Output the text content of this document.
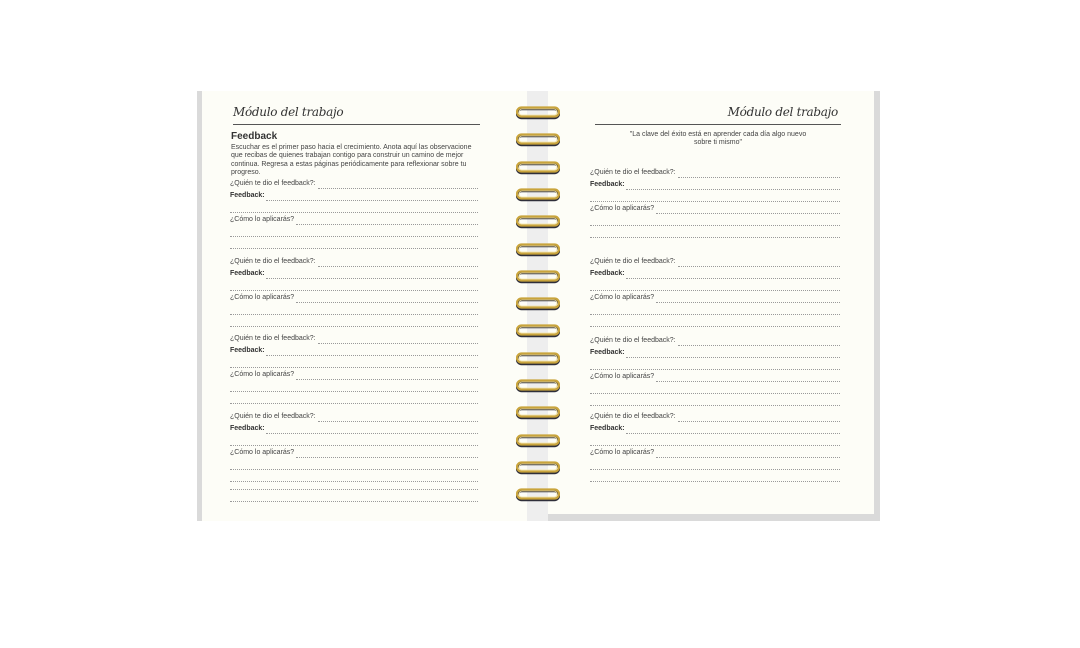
Módulo del trabajo
Feedback
Escuchar es el primer paso hacia el crecimiento. Anota aquí las observacione
que recibas de quienes trabajan contigo para construir un camino de mejor
continua. Regresa a estas páginas periódicamente para reflexionar sobre tu
progreso.
¿Quién te dio el feedback?:
Feedback:
¿Cómo lo aplicarás?
¿Quién te dio el feedback?:
Feedback:
¿Cómo lo aplicarás?
¿Quién te dio el feedback?:
Feedback:
¿Cómo lo aplicarás?
¿Quién te dio el feedback?:
Feedback:
¿Cómo lo aplicarás?
Módulo del trabajo
"La clave del éxito está en aprender cada día algo nuevo
sobre ti mismo"
¿Quién te dio el feedback?:
Feedback:
¿Cómo lo aplicarás?
¿Quién te dio el feedback?:
Feedback:
¿Cómo lo aplicarás?
¿Quién te dio el feedback?:
Feedback:
¿Cómo lo aplicarás?
¿Quién te dio el feedback?:
Feedback:
¿Cómo lo aplicarás?
